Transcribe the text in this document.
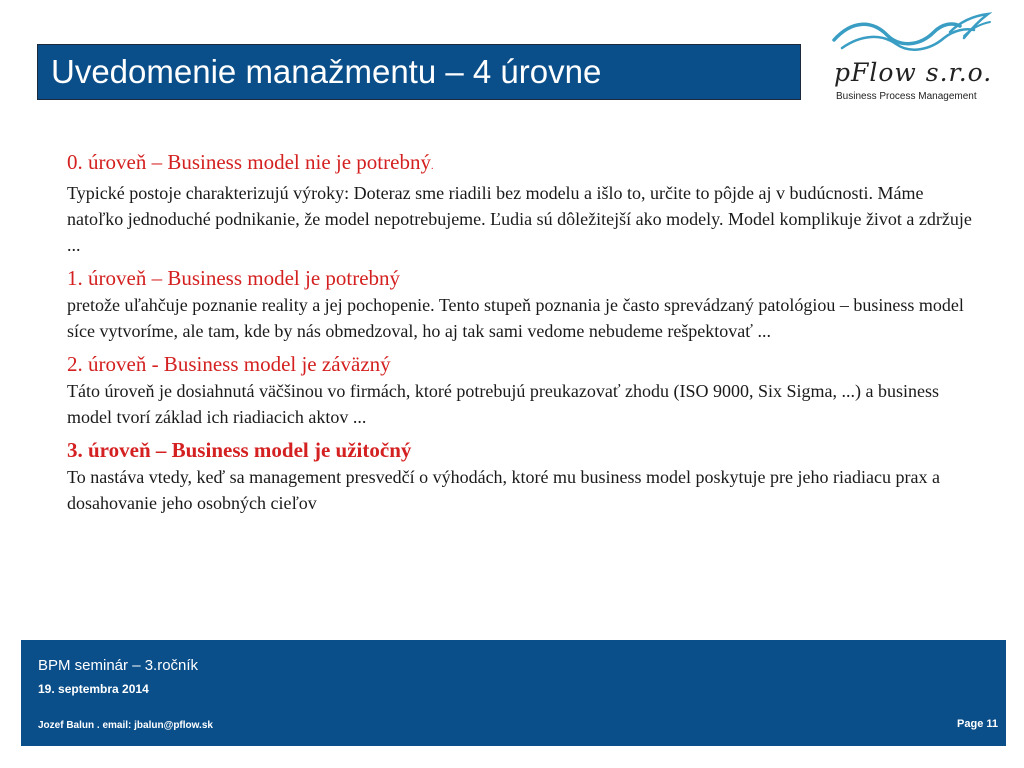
Uvedomenie manažmentu – 4 úrovne	pFlow s.r.o.
Business Process Management
0. úroveň – Business model nie je potrebný.
Typické postoje charakterizujú výroky: Doteraz sme riadili bez modelu a išlo to, určite to pôjde aj v budúcnosti. Máme natoľko jednoduché podnikanie, že model nepotrebujeme. Ľudia sú dôležitejší ako modely. Model komplikuje život a zdržuje ...
1. úroveň – Business model je potrebný
pretože uľahčuje poznanie reality a jej pochopenie. Tento stupeň poznania je často sprevádzaný patológiou – business model síce vytvoríme, ale tam, kde by nás obmedzoval, ho aj tak sami vedome nebudeme rešpektovať ...
2. úroveň - Business model je záväzný
Táto úroveň je dosiahnutá väčšinou vo firmách, ktoré potrebujú preukazovať zhodu (ISO 9000, Six Sigma, ...) a business model tvorí základ ich riadiacich aktov ...
3. úroveň – Business model je užitočný
To nastáva vtedy, keď sa management presvedčí o výhodách, ktoré mu business model poskytuje pre jeho riadiacu prax a dosahovanie jeho osobných cieľov
BPM seminár – 3.ročník
19. septembra 2014
Jozef Balun . email: jbalun@pflow.sk	Page 11
